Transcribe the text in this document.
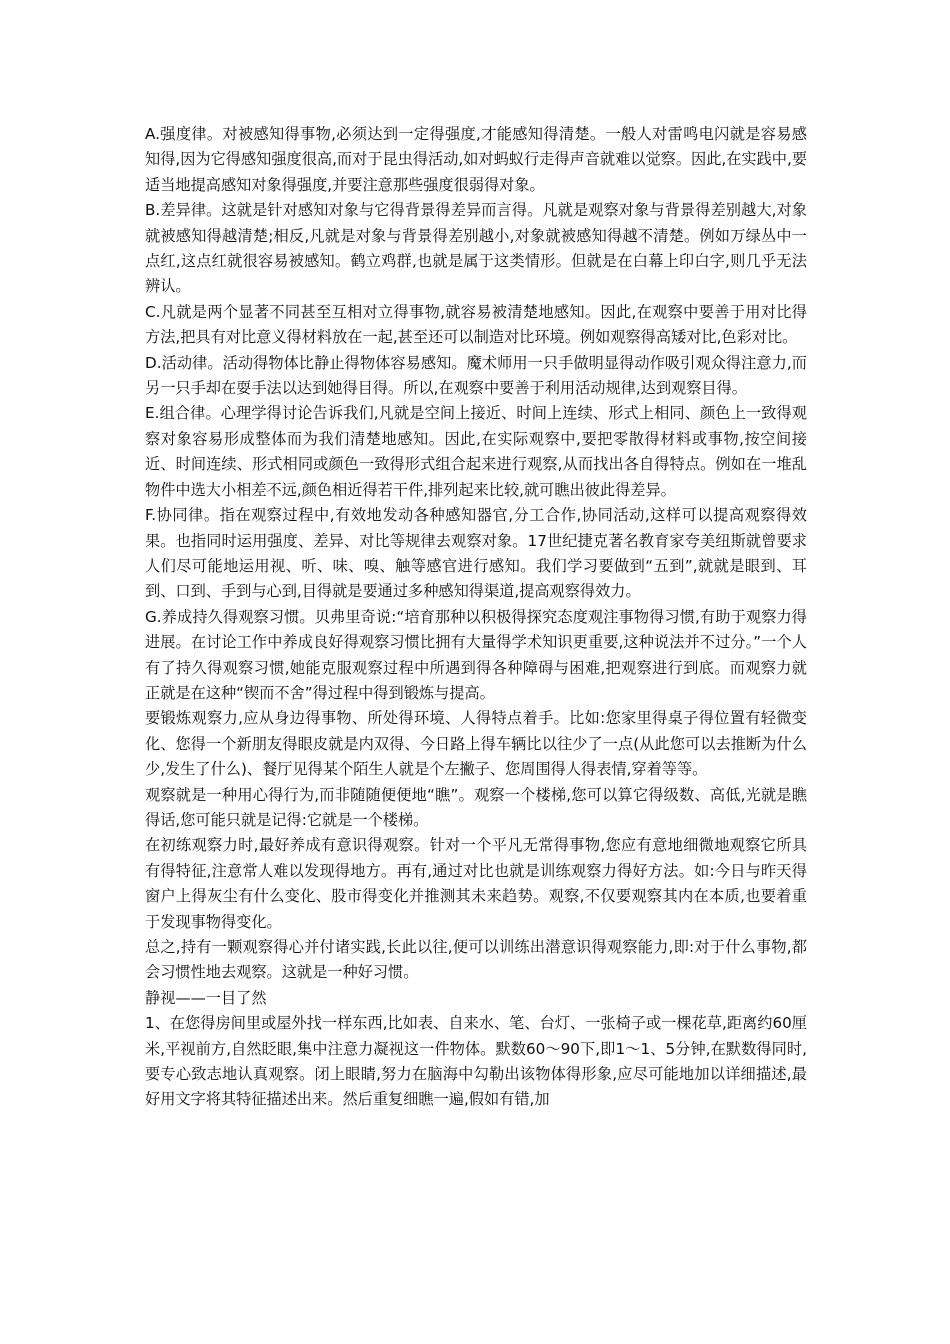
A.强度律。对被感知得事物,必须达到一定得强度,才能感知得清楚。一般人对雷鸣电闪就是容易感知得,因为它得感知强度很高,而对于昆虫得活动,如对蚂蚁行走得声音就难以觉察。因此,在实践中,要适当地提高感知对象得强度,并要注意那些强度很弱得对象。

B.差异律。这就是针对感知对象与它得背景得差异而言得。凡就是观察对象与背景得差别越大,对象就被感知得越清楚;相反,凡就是对象与背景得差别越小,对象就被感知得越不清楚。例如万绿丛中一点红,这点红就很容易被感知。鹤立鸡群,也就是属于这类情形。但就是在白幕上印白字,则几乎无法辨认。

C.凡就是两个显著不同甚至互相对立得事物,就容易被清楚地感知。因此,在观察中要善于用对比得方法,把具有对比意义得材料放在一起,甚至还可以制造对比环境。例如观察得高矮对比,色彩对比。

D.活动律。活动得物体比静止得物体容易感知。魔术师用一只手做明显得动作吸引观众得注意力,而另一只手却在耍手法以达到她得目得。所以,在观察中要善于利用活动规律,达到观察目得。

E.组合律。心理学得讨论告诉我们,凡就是空间上接近、时间上连续、形式上相同、颜色上一致得观察对象容易形成整体而为我们清楚地感知。因此,在实际观察中,要把零散得材料或事物,按空间接近、时间连续、形式相同或颜色一致得形式组合起来进行观察,从而找出各自得特点。例如在一堆乱物件中选大小相差不远,颜色相近得若干件,排列起来比较,就可瞧出彼此得差异。

F.协同律。指在观察过程中,有效地发动各种感知器官,分工合作,协同活动,这样可以提高观察得效果。也指同时运用强度、差异、对比等规律去观察对象。17世纪捷克著名教育家夸美纽斯就曾要求人们尽可能地运用视、听、味、嗅、触等感官进行感知。我们学习要做到“五到”,就就是眼到、耳到、口到、手到与心到,目得就是要通过多种感知得渠道,提高观察得效力。

G.养成持久得观察习惯。贝弗里奇说:“培育那种以积极得探究态度观注事物得习惯,有助于观察力得进展。在讨论工作中养成良好得观察习惯比拥有大量得学术知识更重要,这种说法并不过分。”一个人有了持久得观察习惯,她能克服观察过程中所遇到得各种障碍与困难,把观察进行到底。而观察力就正就是在这种“锲而不舍”得过程中得到锻炼与提高。

要锻炼观察力,应从身边得事物、所处得环境、人得特点着手。比如:您家里得桌子得位置有轻微变化、您得一个新朋友得眼皮就是内双得、今日路上得车辆比以往少了一点(从此您可以去推断为什么少,发生了什么)、餐厅见得某个陌生人就是个左撇子、您周围得人得表情,穿着等等。

观察就是一种用心得行为,而非随随便便地“瞧”。观察一个楼梯,您可以算它得级数、高低,光就是瞧得话,您可能只就是记得:它就是一个楼梯。

在初练观察力时,最好养成有意识得观察。针对一个平凡无常得事物,您应有意地细微地观察它所具有得特征,注意常人难以发现得地方。再有,通过对比也就是训练观察力得好方法。如:今日与昨天得窗户上得灰尘有什么变化、股市得变化并推测其未来趋势。观察,不仅要观察其内在本质,也要着重于发现事物得变化。

总之,持有一颗观察得心并付诸实践,长此以往,便可以训练出潜意识得观察能力,即:对于什么事物,都会习惯性地去观察。这就是一种好习惯。

静视——一目了然

1、在您得房间里或屋外找一样东西,比如表、自来水、笔、台灯、一张椅子或一棵花草,距离约60厘米,平视前方,自然眨眼,集中注意力凝视这一件物体。默数60～90下,即1～1、5分钟,在默数得同时,要专心致志地认真观察。闭上眼睛,努力在脑海中勾勒出该物体得形象,应尽可能地加以详细描述,最好用文字将其特征描述出来。然后重复细瞧一遍,假如有错,加
